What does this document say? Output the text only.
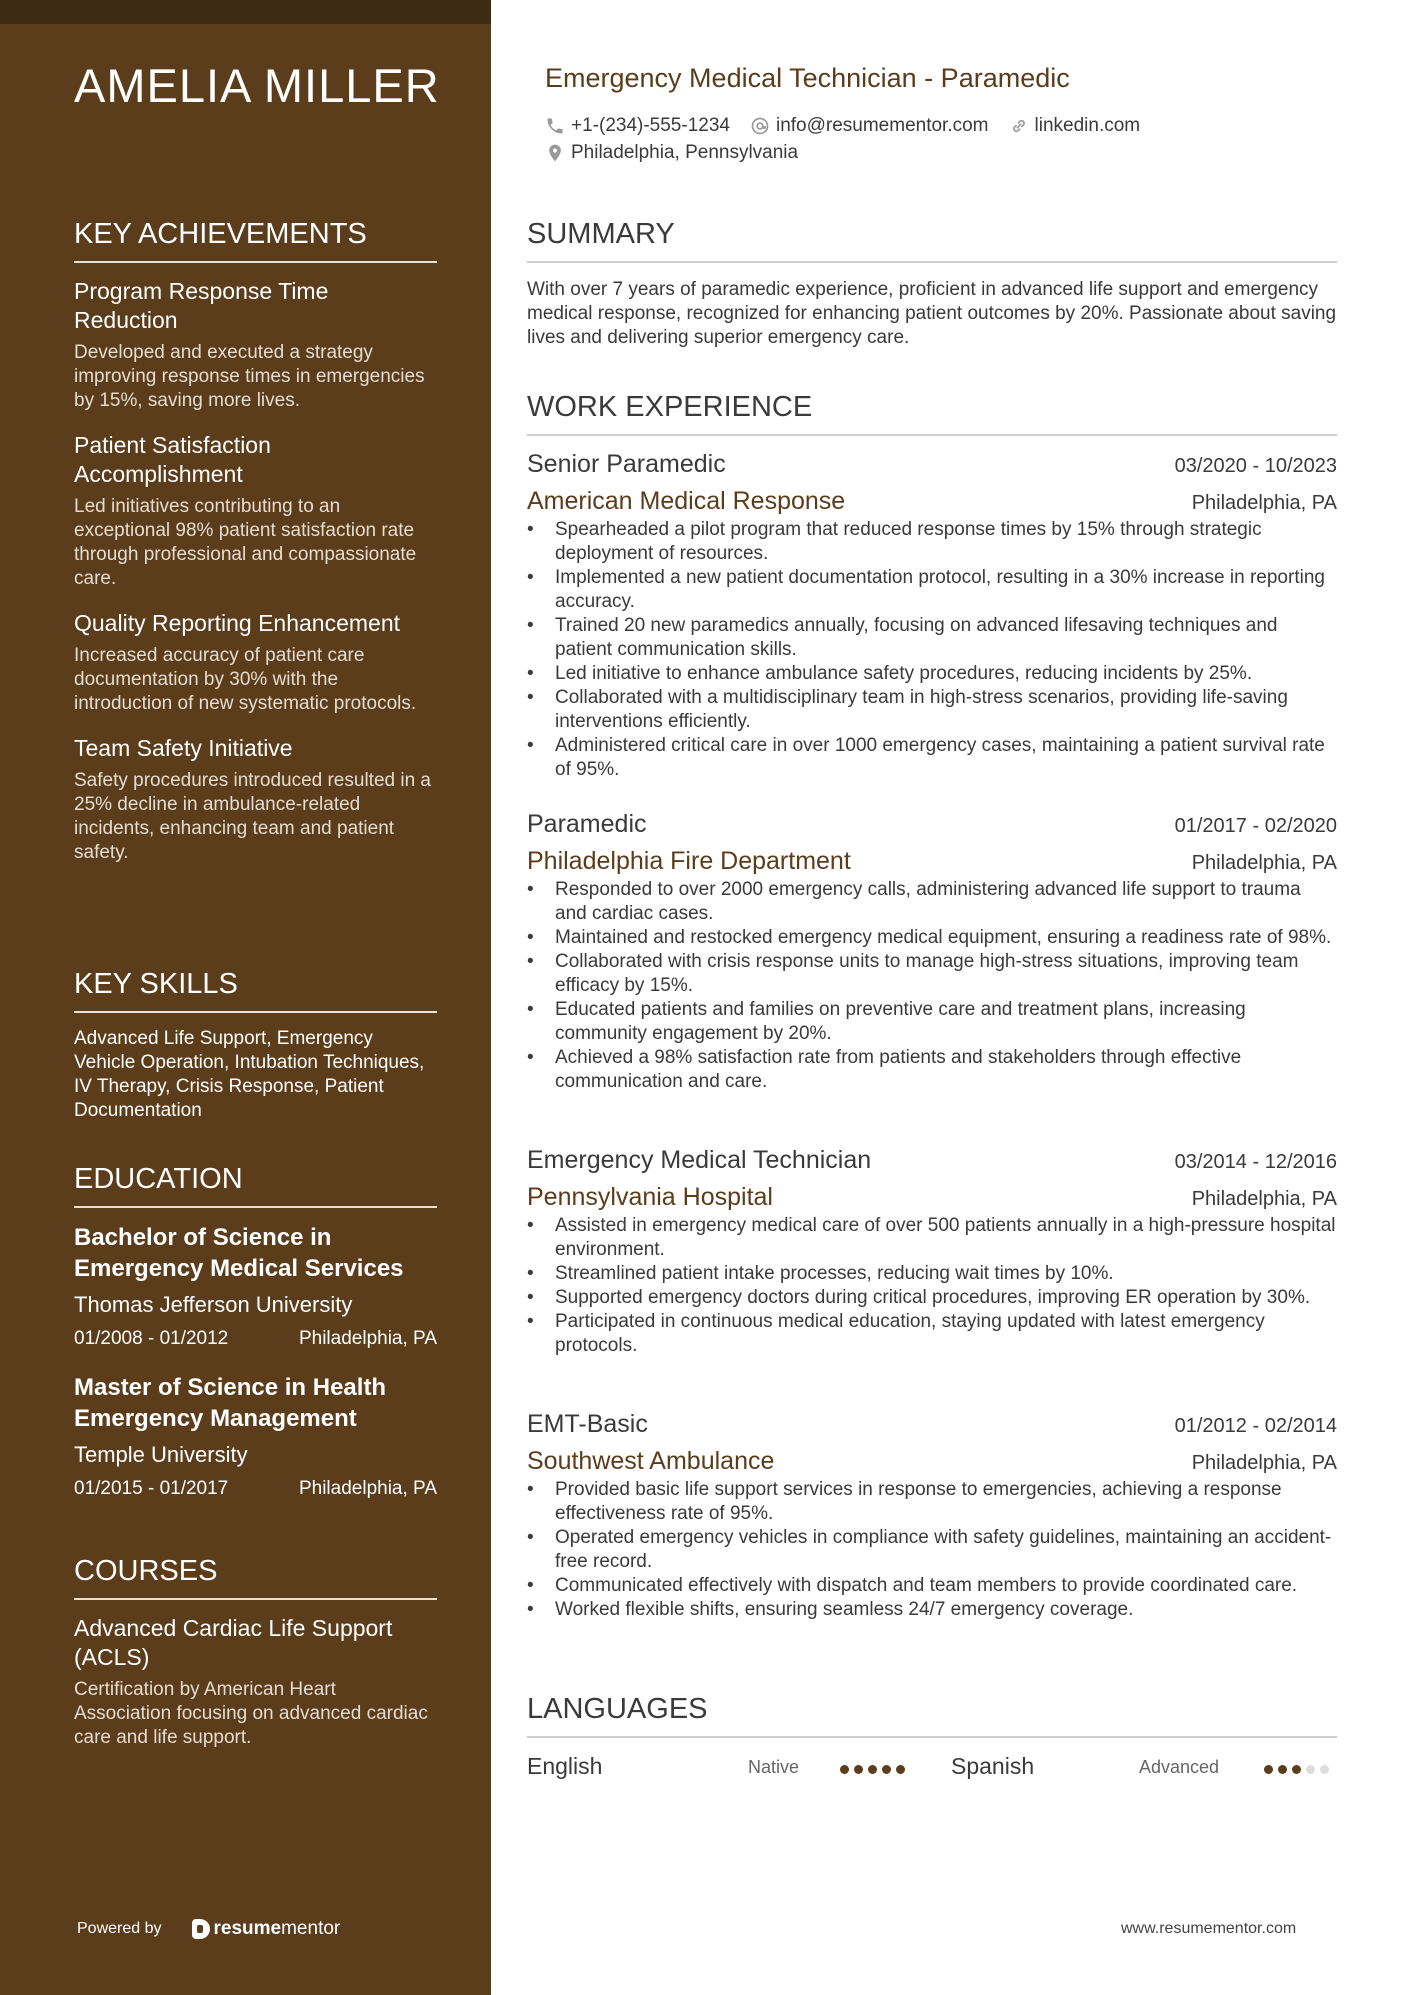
AMELIA MILLER
KEY ACHIEVEMENTS
Program Response Time Reduction
Developed and executed a strategy improving response times in emergencies by 15%, saving more lives.
Patient Satisfaction Accomplishment
Led initiatives contributing to an exceptional 98% patient satisfaction rate through professional and compassionate care.
Quality Reporting Enhancement
Increased accuracy of patient care documentation by 30% with the introduction of new systematic protocols.
Team Safety Initiative
Safety procedures introduced resulted in a 25% decline in ambulance-related incidents, enhancing team and patient safety.
KEY SKILLS
Advanced Life Support, Emergency Vehicle Operation, Intubation Techniques, IV Therapy, Crisis Response, Patient Documentation
EDUCATION
Bachelor of Science in Emergency Medical Services
Thomas Jefferson University
01/2008 - 01/2012	Philadelphia, PA
Master of Science in Health Emergency Management
Temple University
01/2015 - 01/2017	Philadelphia, PA
COURSES
Advanced Cardiac Life Support (ACLS)
Certification by American Heart Association focusing on advanced cardiac care and life support.
Powered by	resume mentor
Emergency Medical Technician - Paramedic
+1-(234)-555-1234 info@resumementor.com linkedin.com
Philadelphia, Pennsylvania
SUMMARY
With over 7 years of paramedic experience, proficient in advanced life support and emergency medical response, recognized for enhancing patient outcomes by 20%. Passionate about saving lives and delivering superior emergency care.
WORK EXPERIENCE
Senior Paramedic	03/2020 - 10/2023
American Medical Response	Philadelphia, PA
• Spearheaded a pilot program that reduced response times by 15% through strategic deployment of resources.
• Implemented a new patient documentation protocol, resulting in a 30% increase in reporting accuracy.
• Trained 20 new paramedics annually, focusing on advanced lifesaving techniques and patient communication skills.
• Led initiative to enhance ambulance safety procedures, reducing incidents by 25%.
• Collaborated with a multidisciplinary team in high-stress scenarios, providing life-saving interventions efficiently.
• Administered critical care in over 1000 emergency cases, maintaining a patient survival rate of 95%.
Paramedic	01/2017 - 02/2020
Philadelphia Fire Department	Philadelphia, PA
• Responded to over 2000 emergency calls, administering advanced life support to trauma and cardiac cases.
• Maintained and restocked emergency medical equipment, ensuring a readiness rate of 98%.
• Collaborated with crisis response units to manage high-stress situations, improving team efficacy by 15%.
• Educated patients and families on preventive care and treatment plans, increasing community engagement by 20%.
• Achieved a 98% satisfaction rate from patients and stakeholders through effective communication and care.
Emergency Medical Technician	03/2014 - 12/2016
Pennsylvania Hospital	Philadelphia, PA
• Assisted in emergency medical care of over 500 patients annually in a high-pressure hospital environment.
• Streamlined patient intake processes, reducing wait times by 10%.
• Supported emergency doctors during critical procedures, improving ER operation by 30%.
• Participated in continuous medical education, staying updated with latest emergency protocols.
EMT-Basic	01/2012 - 02/2014
Southwest Ambulance	Philadelphia, PA
• Provided basic life support services in response to emergencies, achieving a response effectiveness rate of 95%.
• Operated emergency vehicles in compliance with safety guidelines, maintaining an accident-free record.
• Communicated effectively with dispatch and team members to provide coordinated care.
• Worked flexible shifts, ensuring seamless 24/7 emergency coverage.
LANGUAGES
English	Native	Spanish	Advanced
www.resumementor.com
